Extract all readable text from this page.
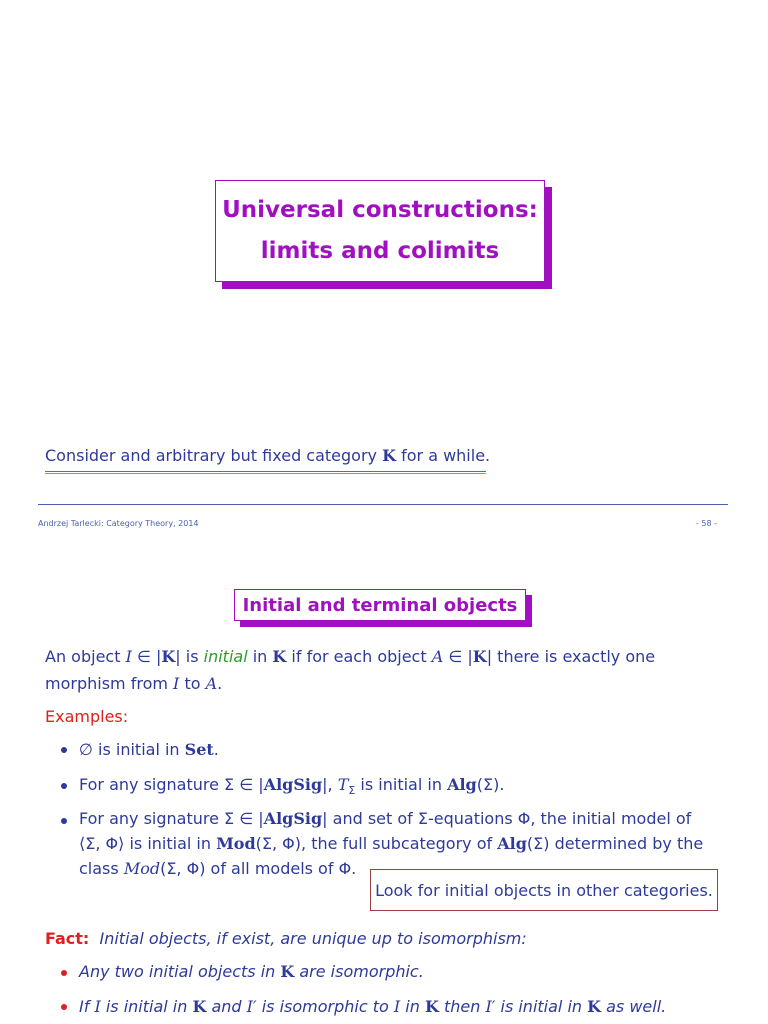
Universal constructions:
limits and colimits
Consider and arbitrary but fixed category K for a while.
Andrzej Tarlecki: Category Theory, 2014	- 58 -
Initial and terminal objects
An object I ∈ |K| is initial in K if for each object A ∈ |K| there is exactly one
morphism from I to A.
Examples:
∅ is initial in Set.
For any signature Σ ∈ |AlgSig|, $T_\Sigma$ is initial in Alg(Σ).
For any signature Σ ∈ |AlgSig| and set of Σ-equations Φ, the initial model of
⟨Σ, Φ⟩ is initial in Mod(Σ, Φ), the full subcategory of Alg(Σ) determined by the
class Mod(Σ, Φ) of all models of Φ.
Look for initial objects in other categories.
Fact: Initial objects, if exist, are unique up to isomorphism:
Any two initial objects in K are isomorphic.
If I is initial in K and I′ is isomorphic to I in K then I′ is initial in K as well.
